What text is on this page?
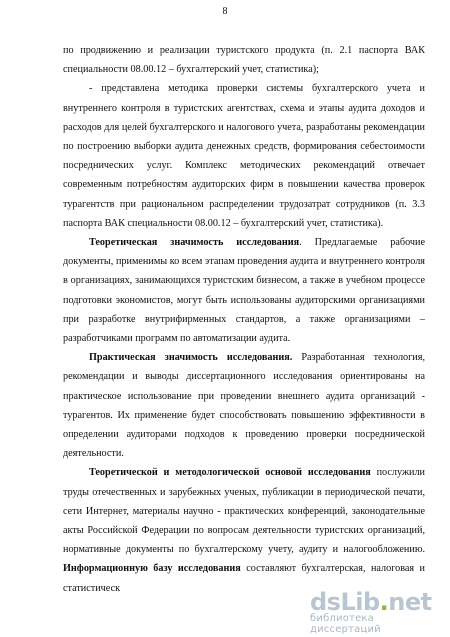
8

по продвижению и реализации туристского продукта (п. 2.1 паспорта ВАК специальности 08.00.12 – бухгалтерский учет, статистика);

- представлена методика проверки системы бухгалтерского учета и внутреннего контроля в туристских агентствах, схема и этапы аудита доходов и расходов для целей бухгалтерского и налогового учета, разработаны рекомендации по построению выборки аудита денежных средств, формирования себестоимости посреднических услуг. Комплекс методических рекомендаций отвечает современным потребностям аудиторских фирм в повышении качества проверок турагентств при рациональном распределении трудозатрат сотрудников (п. 3.3 паспорта ВАК специальности 08.00.12 – бухгалтерский учет, статистика).

Теоретическая значимость исследования. Предлагаемые рабочие документы, применимы ко всем этапам проведения аудита и внутреннего контроля в организациях, занимающихся туристским бизнесом, а также в учебном процессе подготовки экономистов, могут быть использованы аудиторскими организациями при разработке внутрифирменных стандартов, а также организациями – разработчиками программ по автоматизации аудита.

Практическая значимость исследования. Разработанная технология, рекомендации и выводы диссертационного исследования ориентированы на практическое использование при проведении внешнего аудита организаций - турагентов. Их применение будет способствовать повышению эффективности в определении аудиторами подходов к проведению проверки посреднической деятельности.

Теоретической и методологической основой исследования послужили труды отечественных и зарубежных ученых, публикации в периодической печати, сети Интернет, материалы научно - практических конференций, законодательные акты Российской Федерации по вопросам деятельности туристских организаций, нормативные документы по бухгалтерскому учету, аудиту и налогообложению. Информационную базу исследования составляют бухгалтерская, налоговая и статистическ	dsLib.net
библиотека диссертаций
